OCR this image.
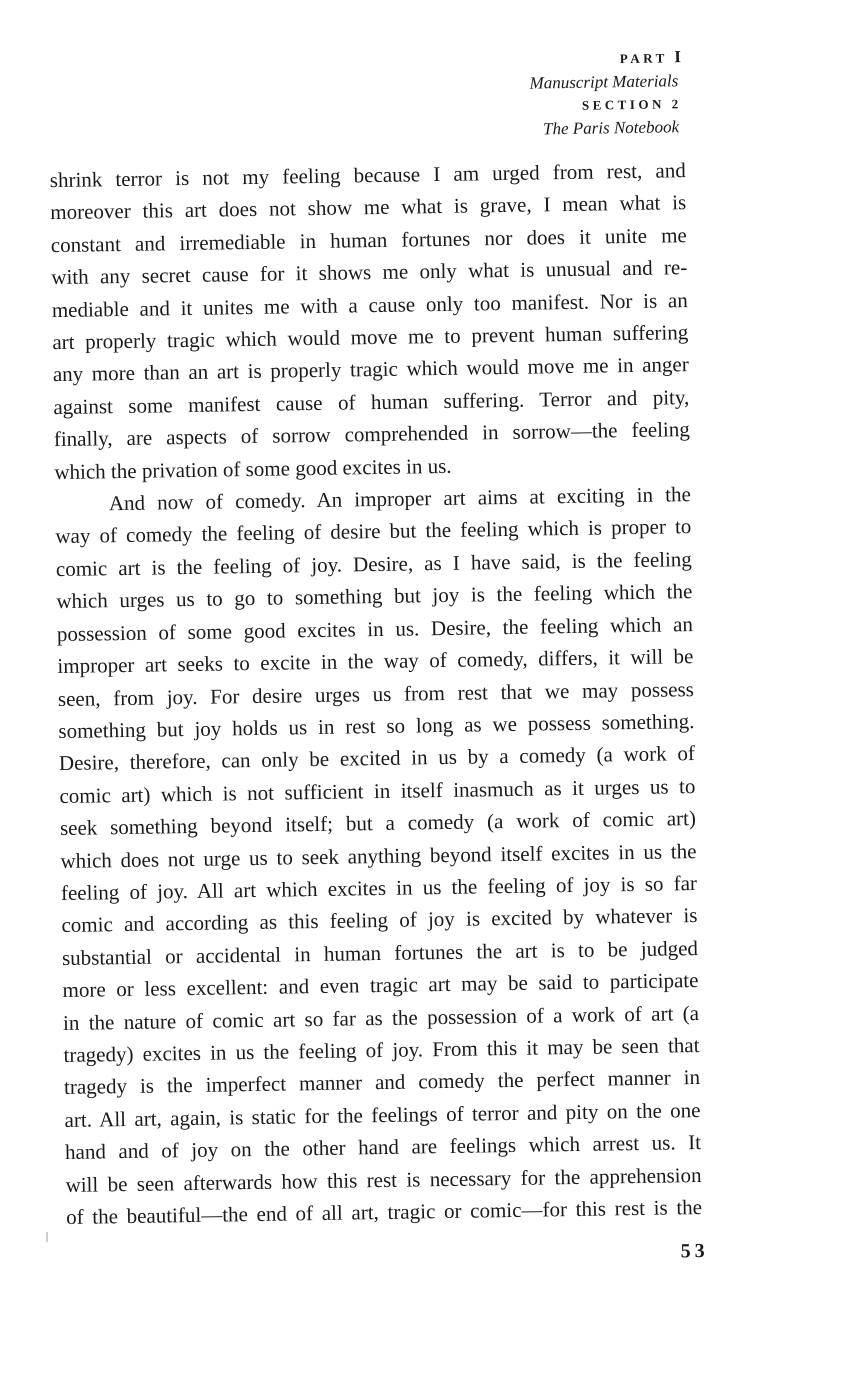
PART I
Manuscript Materials
SECTION 2
The Paris Notebook
shrink terror is not my feeling because I am urged from rest, and
moreover this art does not show me what is grave, I mean what is
constant and irremediable in human fortunes nor does it unite me
with any secret cause for it shows me only what is unusual and re-
mediable and it unites me with a cause only too manifest. Nor is an
art properly tragic which would move me to prevent human suffering
any more than an art is properly tragic which would move me in anger
against some manifest cause of human suffering. Terror and pity,
finally, are aspects of sorrow comprehended in sorrow—the feeling
which the privation of some good excites in us.
And now of comedy. An improper art aims at exciting in the
way of comedy the feeling of desire but the feeling which is proper to
comic art is the feeling of joy. Desire, as I have said, is the feeling
which urges us to go to something but joy is the feeling which the
possession of some good excites in us. Desire, the feeling which an
improper art seeks to excite in the way of comedy, differs, it will be
seen, from joy. For desire urges us from rest that we may possess
something but joy holds us in rest so long as we possess something.
Desire, therefore, can only be excited in us by a comedy (a work of
comic art) which is not sufficient in itself inasmuch as it urges us to
seek something beyond itself; but a comedy (a work of comic art)
which does not urge us to seek anything beyond itself excites in us the
feeling of joy. All art which excites in us the feeling of joy is so far
comic and according as this feeling of joy is excited by whatever is
substantial or accidental in human fortunes the art is to be judged
more or less excellent: and even tragic art may be said to participate
in the nature of comic art so far as the possession of a work of art (a
tragedy) excites in us the feeling of joy. From this it may be seen that
tragedy is the imperfect manner and comedy the perfect manner in
art. All art, again, is static for the feelings of terror and pity on the one
hand and of joy on the other hand are feelings which arrest us. It
will be seen afterwards how this rest is necessary for the apprehension
of the beautiful—the end of all art, tragic or comic—for this rest is the
53
